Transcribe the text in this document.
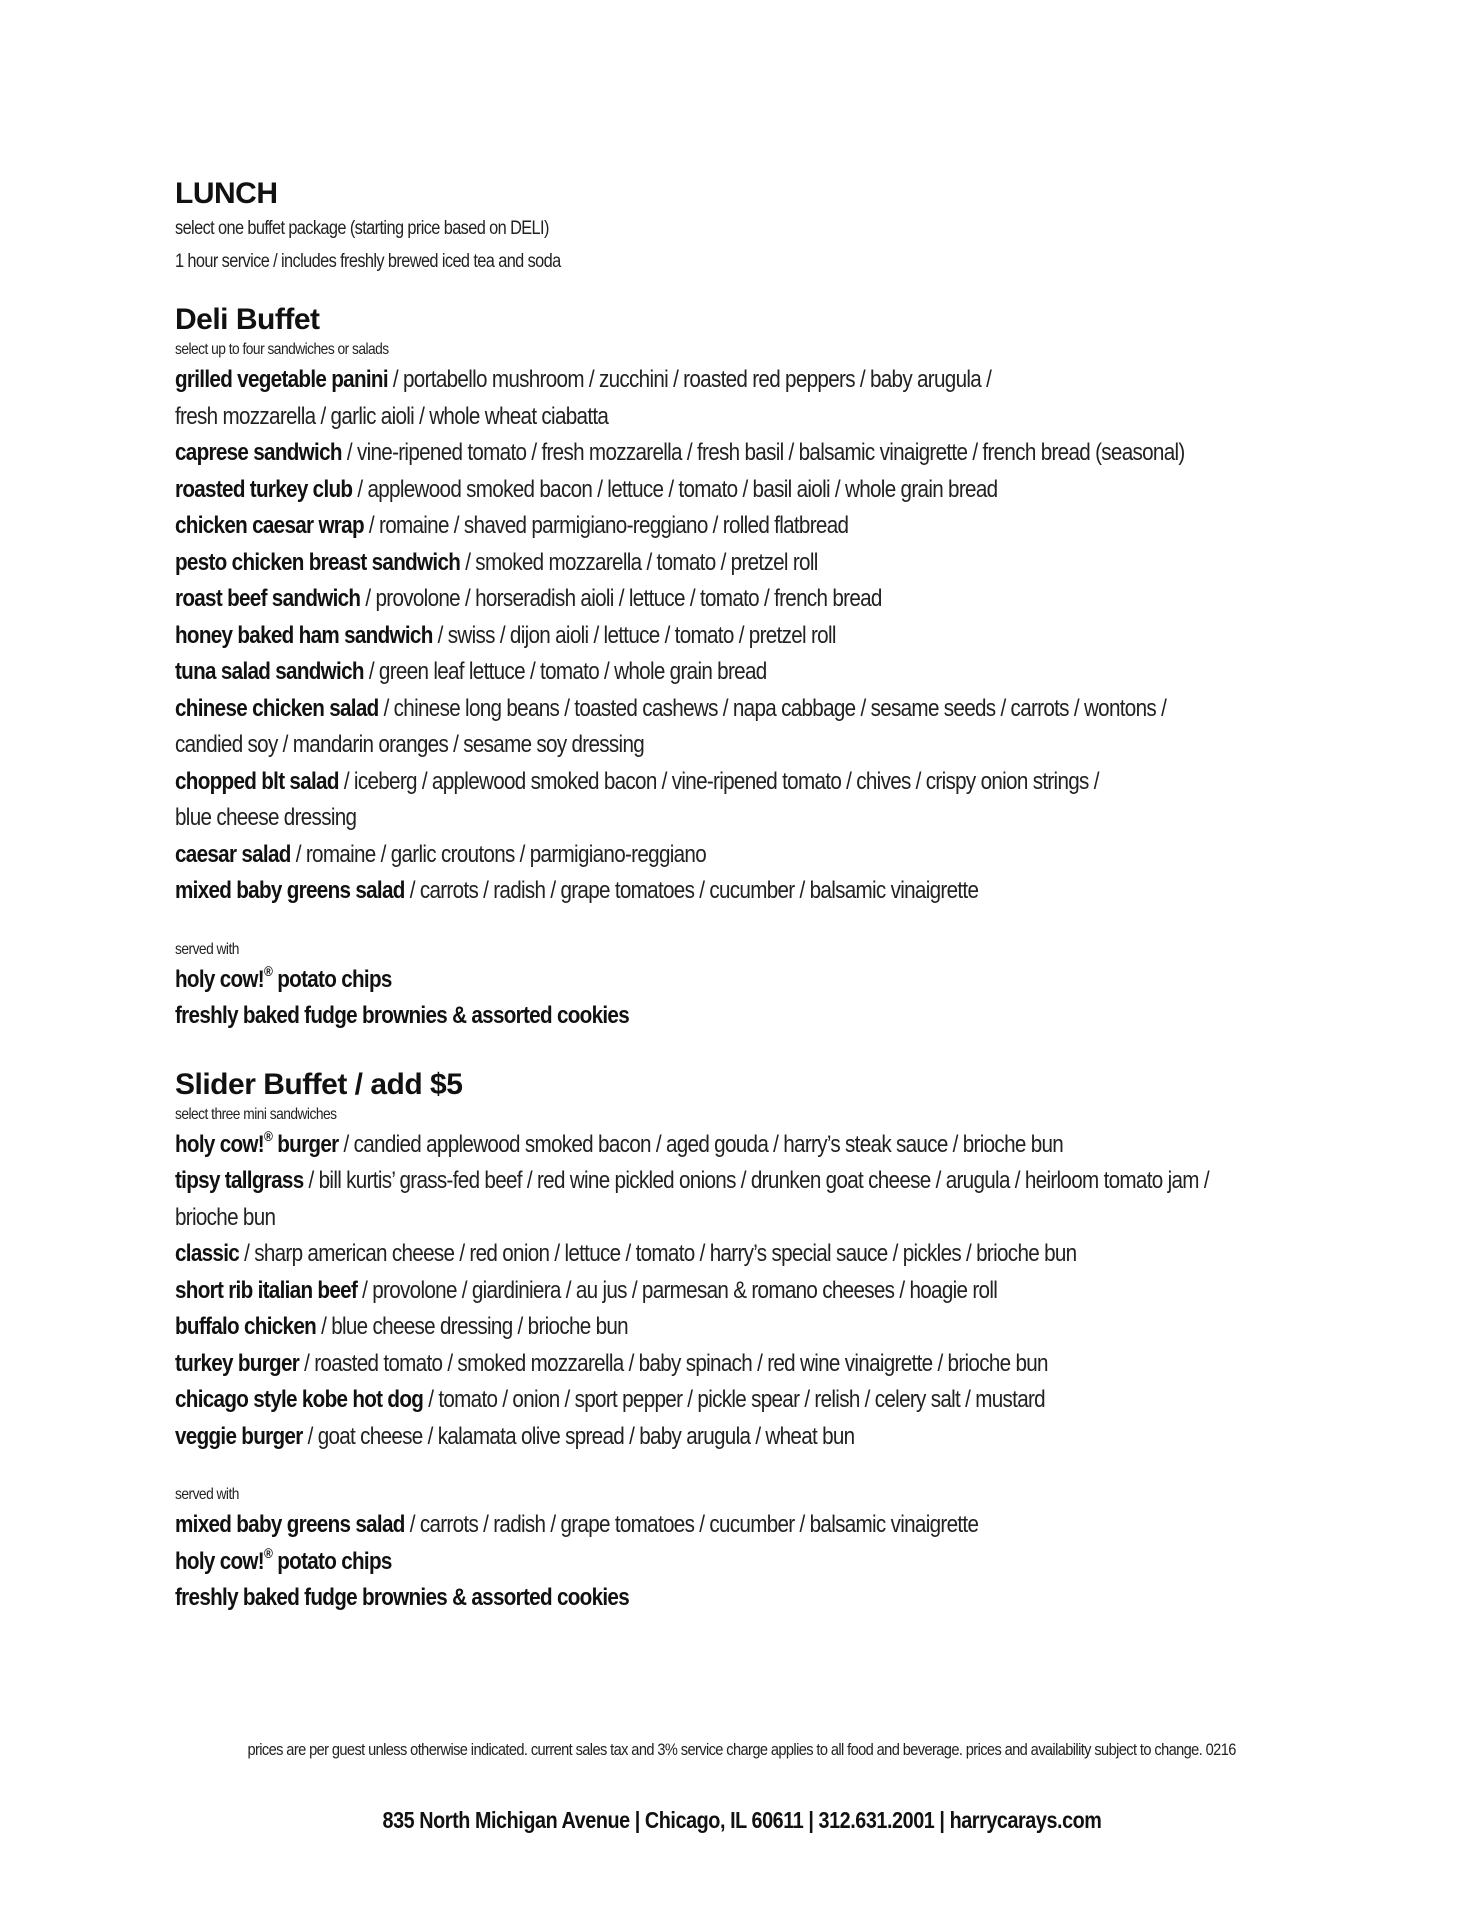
LUNCH
select one buffet package (starting price based on DELI)
1 hour service / includes freshly brewed iced tea and soda
Deli Buffet
select up to four sandwiches or salads
grilled vegetable panini / portabello mushroom / zucchini / roasted red peppers / baby arugula /
fresh mozzarella / garlic aioli / whole wheat ciabatta
caprese sandwich / vine-ripened tomato / fresh mozzarella / fresh basil / balsamic vinaigrette / french bread (seasonal)
roasted turkey club / applewood smoked bacon / lettuce / tomato / basil aioli / whole grain bread
chicken caesar wrap / romaine / shaved parmigiano-reggiano / rolled flatbread
pesto chicken breast sandwich / smoked mozzarella / tomato / pretzel roll
roast beef sandwich / provolone / horseradish aioli / lettuce / tomato / french bread
honey baked ham sandwich / swiss / dijon aioli / lettuce / tomato / pretzel roll
tuna salad sandwich / green leaf lettuce / tomato / whole grain bread
chinese chicken salad / chinese long beans / toasted cashews / napa cabbage / sesame seeds / carrots / wontons /
candied soy / mandarin oranges / sesame soy dressing
chopped blt salad / iceberg / applewood smoked bacon / vine-ripened tomato / chives / crispy onion strings /
blue cheese dressing
caesar salad / romaine / garlic croutons / parmigiano-reggiano
mixed baby greens salad / carrots / radish / grape tomatoes / cucumber / balsamic vinaigrette
served with
holy cow!® potato chips
freshly baked fudge brownies & assorted cookies
Slider Buffet / add $5
select three mini sandwiches
holy cow!® burger / candied applewood smoked bacon / aged gouda / harry’s steak sauce / brioche bun
tipsy tallgrass / bill kurtis’ grass-fed beef / red wine pickled onions / drunken goat cheese / arugula / heirloom tomato jam /
brioche bun
classic / sharp american cheese / red onion / lettuce / tomato / harry’s special sauce / pickles / brioche bun
short rib italian beef / provolone / giardiniera / au jus / parmesan & romano cheeses / hoagie roll
buffalo chicken / blue cheese dressing / brioche bun
turkey burger / roasted tomato / smoked mozzarella / baby spinach / red wine vinaigrette / brioche bun
chicago style kobe hot dog / tomato / onion / sport pepper / pickle spear / relish / celery salt / mustard
veggie burger / goat cheese / kalamata olive spread / baby arugula / wheat bun
served with
mixed baby greens salad / carrots / radish / grape tomatoes / cucumber / balsamic vinaigrette
holy cow!® potato chips
freshly baked fudge brownies & assorted cookies
prices are per guest unless otherwise indicated. current sales tax and 3% service charge applies to all food and beverage. prices and availability subject to change. 0216
835 North Michigan Avenue | Chicago, IL 60611 | 312.631.2001 | harrycarays.com
